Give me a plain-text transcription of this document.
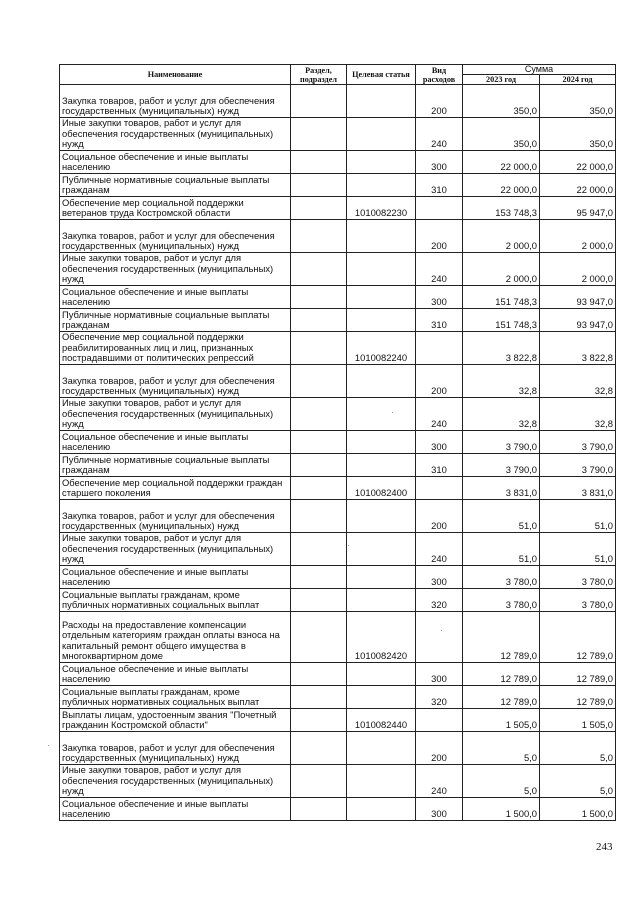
Наименование	Раздел, подраздел	Целевая статья	Вид расходов	Сумма	
				2023 год	2024 год
Закупка товаров, работ и услуг для обеспечения государственных (муниципальных) нужд			200	350,0	350,0
Иные закупки товаров, работ и услуг для обеспечения государственных (муниципальных) нужд			240	350,0	350,0
Социальное обеспечение и иные выплаты населению			300	22 000,0	22 000,0
Публичные нормативные социальные выплаты гражданам			310	22 000,0	22 000,0
Обеспечение мер социальной поддержки ветеранов труда Костромской области		1010082230		153 748,3	95 947,0
Закупка товаров, работ и услуг для обеспечения государственных (муниципальных) нужд			200	2 000,0	2 000,0
Иные закупки товаров, работ и услуг для обеспечения государственных (муниципальных) нужд			240	2 000,0	2 000,0
Социальное обеспечение и иные выплаты населению			300	151 748,3	93 947,0
Публичные нормативные социальные выплаты гражданам			310	151 748,3	93 947,0
Обеспечение мер социальной поддержки реабилитированных лиц и лиц, признанных пострадавшими от политических репрессий		1010082240		3 822,8	3 822,8
Закупка товаров, работ и услуг для обеспечения государственных (муниципальных) нужд			200	32,8	32,8
Иные закупки товаров, работ и услуг для обеспечения государственных (муниципальных) нужд			240	32,8	32,8
Социальное обеспечение и иные выплаты населению			300	3 790,0	3 790,0
Публичные нормативные социальные выплаты гражданам			310	3 790,0	3 790,0
Обеспечение мер социальной поддержки граждан старшего поколения		1010082400		3 831,0	3 831,0
Закупка товаров, работ и услуг для обеспечения государственных (муниципальных) нужд			200	51,0	51,0
Иные закупки товаров, работ и услуг для обеспечения государственных (муниципальных) нужд			240	51,0	51,0
Социальное обеспечение и иные выплаты населению			300	3 780,0	3 780,0
Социальные выплаты гражданам, кроме публичных нормативных социальных выплат			320	3 780,0	3 780,0
Расходы на предоставление компенсации отдельным категориям граждан оплаты взноса на капитальный ремонт общего имущества в многоквартирном доме		1010082420		12 789,0	12 789,0
Социальное обеспечение и иные выплаты населению			300	12 789,0	12 789,0
Социальные выплаты гражданам, кроме публичных нормативных социальных выплат			320	12 789,0	12 789,0
Выплаты лицам, удостоенным звания "Почетный гражданин Костромской области"		1010082440		1 505,0	1 505,0
Закупка товаров, работ и услуг для обеспечения государственных (муниципальных) нужд			200	5,0	5,0
Иные закупки товаров, работ и услуг для обеспечения государственных (муниципальных) нужд			240	5,0	5,0
Социальное обеспечение и иные выплаты населению			300	1 500,0	1 500,0
243
